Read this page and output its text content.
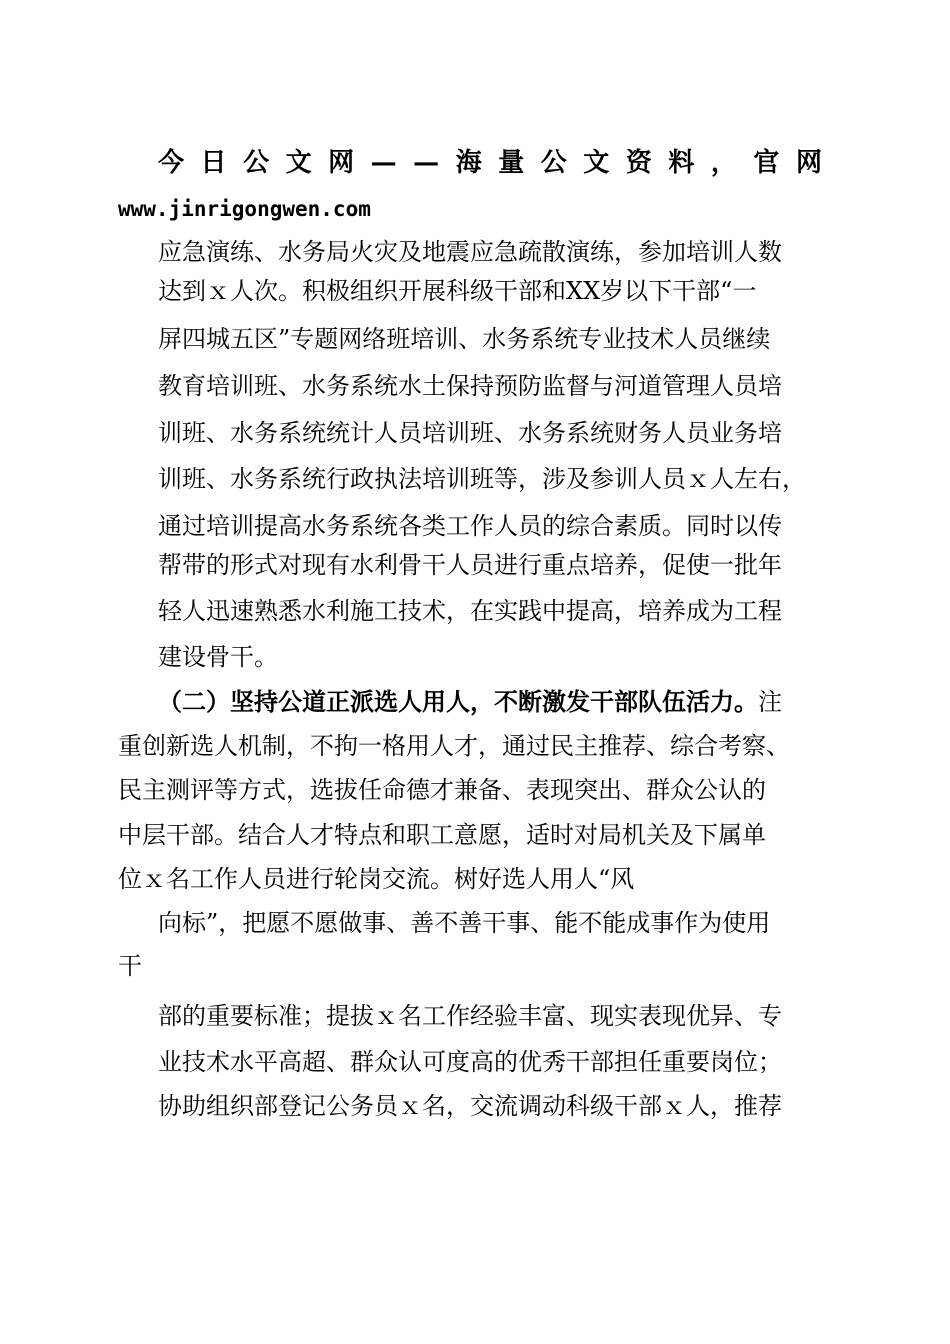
今 日 公 文 网 — — 海 量 公 文 资 料 ， 官 网
www.jinrigongwen.com
应急演练、水务局火灾及地震应急疏散演练，参加培训人数
达到ｘ人次。积极组织开展科级干部和XX岁以下干部“一
屏四城五区”专题网络班培训、水务系统专业技术人员继续
教育培训班、水务系统水土保持预防监督与河道管理人员培
训班、水务系统统计人员培训班、水务系统财务人员业务培
训班、水务系统行政执法培训班等，涉及参训人员ｘ人左右，
通过培训提高水务系统各类工作人员的综合素质。同时以传
帮带的形式对现有水利骨干人员进行重点培养，促使一批年
轻人迅速熟悉水利施工技术，在实践中提高，培养成为工程
建设骨干。
（二）坚持公道正派选人用人，不断激发干部队伍活力。注
重创新选人机制，不拘一格用人才，通过民主推荐、综合考察、
民主测评等方式，选拔任命德才兼备、表现突出、群众公认的
中层干部。结合人才特点和职工意愿，适时对局机关及下属单
位ｘ名工作人员进行轮岗交流。树好选人用人“风
向标”，把愿不愿做事、善不善干事、能不能成事作为使用
干
部的重要标准；提拔ｘ名工作经验丰富、现实表现优异、专
业技术水平高超、群众认可度高的优秀干部担任重要岗位；
协助组织部登记公务员ｘ名，交流调动科级干部ｘ人，推荐
